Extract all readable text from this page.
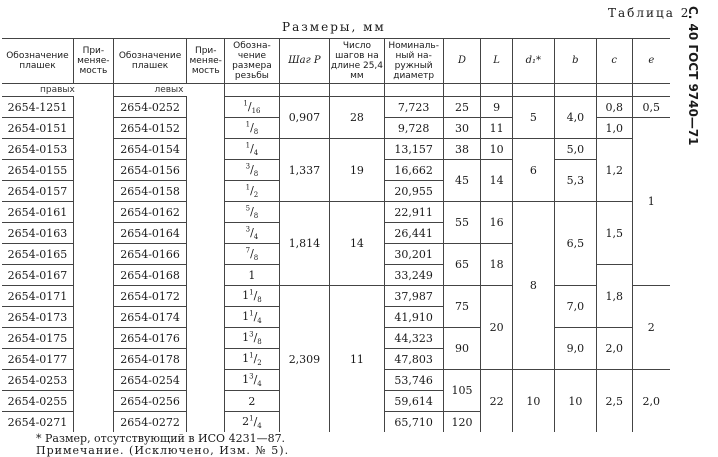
Таблица 2
С. 40 ГОСТ 9740—71
Размеры, мм
Обозначение плашек	При-меняе-мость	Обозначение плашек	При-меняе-мость	Обозна-чение размера резьбы	Шаг P	Число шагов на длине 25,4 мм	Номиналь-ный на-ружный диаметр	D	L	d₁*	b	c	e
правых		левых											
2654-1251		2654-0252		$^1/_{16}$	0,907	28	7,723	25	9	5	4,0	0,8	0,5
2654-0151		2654-0152		$^1/_8$			9,728	30	11			1,0	1
2654-0153		2654-0154		$^1/_4$	1,337	19	13,157	38	10	6	5,0	1,2	
2654-0155		2654-0156		$^3/_8$			16,662	45	14		5,3		
2654-0157		2654-0158		$^1/_2$			20,955						
2654-0161		2654-0162		$^5/_8$	1,814	14	22,911	55	16	8	6,5	1,5	
2654-0163		2654-0164		$^3/_4$			26,441						
2654-0165		2654-0166		$^7/_8$			30,201	65	18				
2654-0167		2654-0168		1			33,249					1,8	
2654-0171		2654-0172		$1^1/_8$	2,309	11	37,987	75	20		7,0		2
2654-0173		2654-0174		$1^1/_4$			41,910						
2654-0175		2654-0176		$1^3/_8$			44,323	90			9,0	2,0	
2654-0177		2654-0178		$1^1/_2$			47,803						
2654-0253		2654-0254		$1^3/_4$			53,746	105	22	10	10	2,5	2,0
2654-0255		2654-0256		2			59,614						
2654-0271		2654-0272		$2^1/_4$			65,710	120					
* Размер, отсутствующий в ИСО 4231—87.
Примечание. (Исключено, Изм. № 5).
